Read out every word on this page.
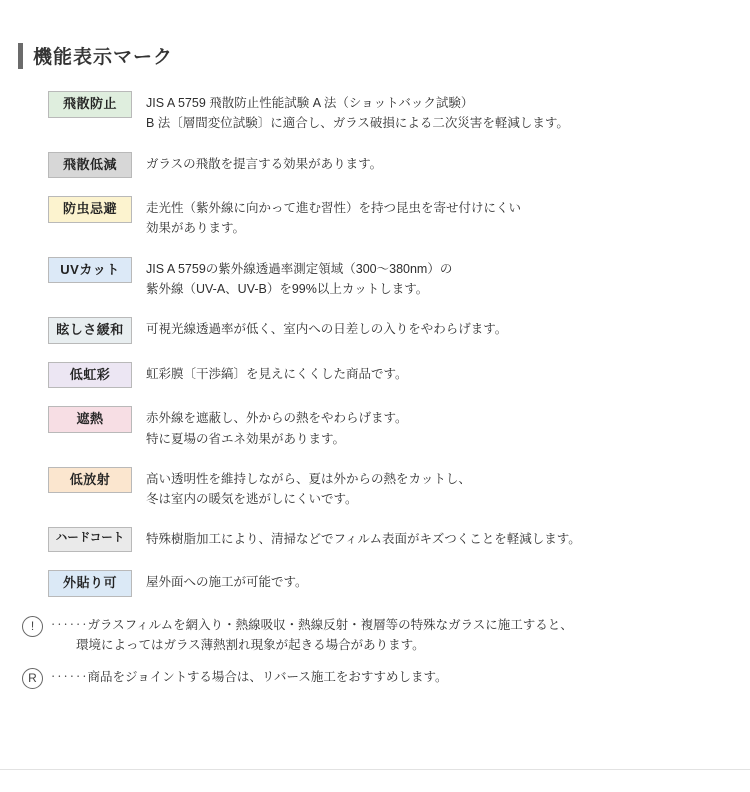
機能表示マーク
飛散防止	JIS A 5759 飛散防止性能試験 A 法（ショットバック試験）
B 法〔層間変位試験〕に適合し、ガラス破損による二次災害を軽減します。
飛散低減	ガラスの飛散を提言する効果があります。
防虫忌避	走光性（紫外線に向かって進む習性）を持つ昆虫を寄せ付けにくい
効果があります。
UVカット	JIS A 5759の紫外線透過率測定領域（300〜380nm）の
紫外線（UV-A、UV-B）を99%以上カットします。
眩しさ緩和	可視光線透過率が低く、室内への日差しの入りをやわらげます。
低虹彩	虹彩膜〔干渉縞〕を見えにくくした商品です。
遮熱	赤外線を遮蔽し、外からの熱をやわらげます。
特に夏場の省エネ効果があります。
低放射	高い透明性を維持しながら、夏は外からの熱をカットし、
冬は室内の暖気を逃がしにくいです。
ハードコート	特殊樹脂加工により、清掃などでフィルム表面がキズつくことを軽減します。
外貼り可	屋外面への施工が可能です。
!	‥‥‥ガラスフィルムを網入り・熱線吸収・熱線反射・複層等の特殊なガラスに施工すると、
環境によってはガラス薄熱割れ現象が起きる場合があります。
R	‥‥‥商品をジョイントする場合は、リバース施工をおすすめします。
